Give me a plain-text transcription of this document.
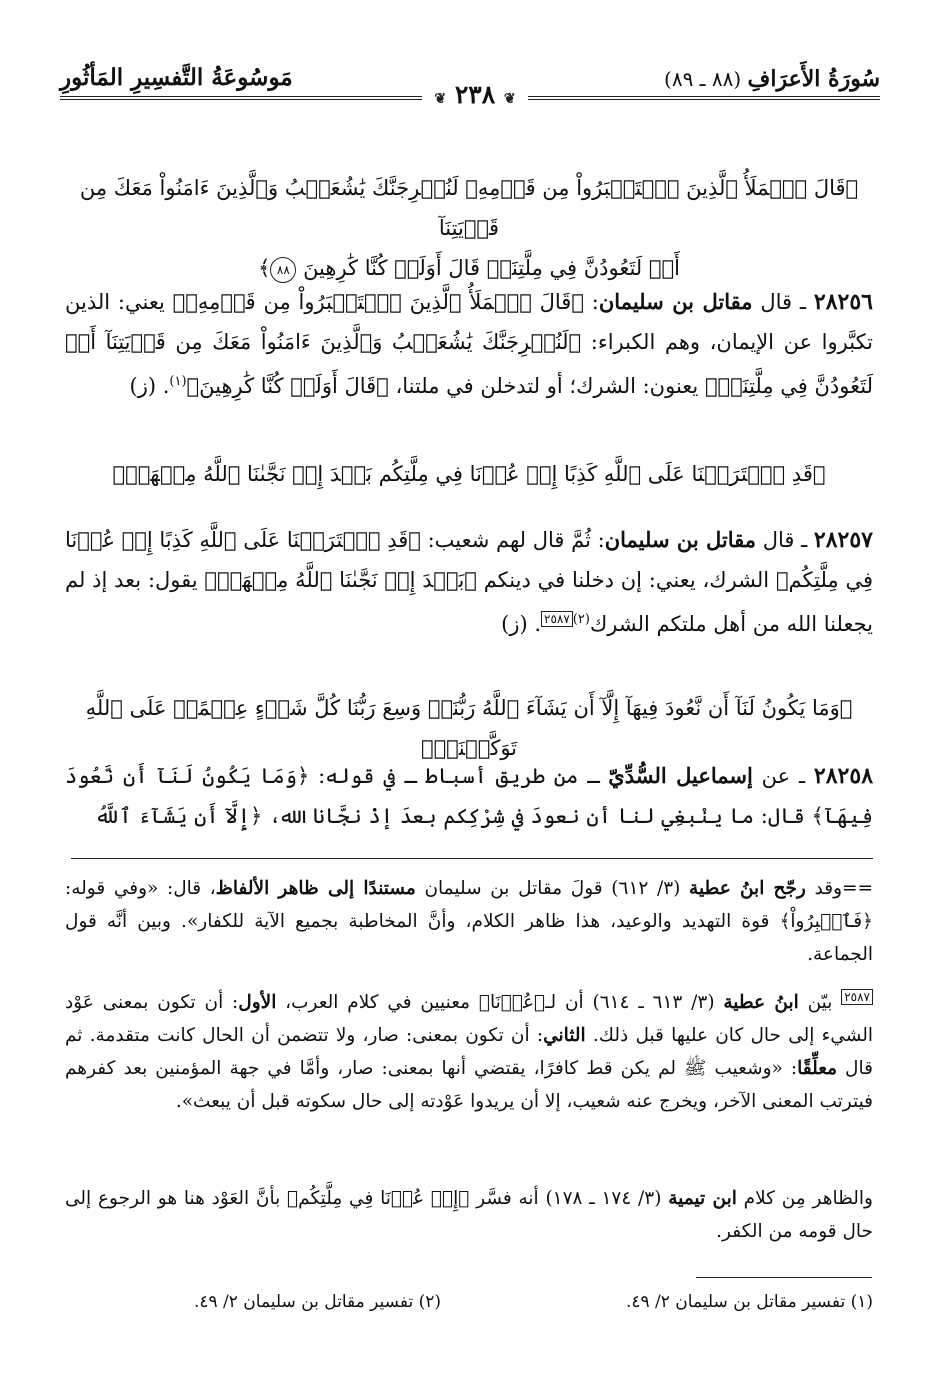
مَوسُوعَةُ التَّفسِيرِ المَأثُورِ
❦ ٢٣٨ ❦
سُورَةُ الأَعرَافِ (٨٨ ـ ٨٩)
﴿قَالَ ٱلۡمَلَأُ ٱلَّذِينَ ٱسۡتَكۡبَرُواْ مِن قَوۡمِهِۦ لَنُخۡرِجَنَّكَ يَٰشُعَيۡبُ وَٱلَّذِينَ ءَامَنُواْ مَعَكَ مِن قَرۡيَتِنَآ
أَوۡ لَتَعُودُنَّ فِي مِلَّتِنَاۚ قَالَ أَوَلَوۡ كُنَّا كَٰرِهِينَ ٨٨﴾
٢٨٢٥٦ ـ قال مقاتل بن سليمان: ﴿قَالَ ٱلۡمَلَأُ ٱلَّذِينَ ٱسۡتَكۡبَرُواْ مِن قَوۡمِهِۦ﴾ يعني: الذين تكبَّروا عن الإيمان، وهم الكبراء: ﴿لَنُخۡرِجَنَّكَ يَٰشُعَيۡبُ وَٱلَّذِينَ ءَامَنُواْ مَعَكَ مِن قَرۡيَتِنَآ أَوۡ لَتَعُودُنَّ فِي مِلَّتِنَاۚ﴾ يعنون: الشرك؛ أو لتدخلن في ملتنا، ﴿قَالَ أَوَلَوۡ كُنَّا كَٰرِهِينَ﴾$^{(١)}$. (ز)
﴿قَدِ ٱفۡتَرَيۡنَا عَلَى ٱللَّهِ كَذِبًا إِنۡ عُدۡنَا فِي مِلَّتِكُم بَعۡدَ إِذۡ نَجَّىٰنَا ٱللَّهُ مِنۡهَاۚ﴾
٢٨٢٥٧ ـ قال مقاتل بن سليمان: ثُمَّ قال لهم شعيب: ﴿قَدِ ٱفۡتَرَيۡنَا عَلَى ٱللَّهِ كَذِبًا إِنۡ عُدۡنَا فِي مِلَّتِكُم﴾ الشرك، يعني: إن دخلنا في دينكم ﴿بَعۡدَ إِذۡ نَجَّىٰنَا ٱللَّهُ مِنۡهَاۚ﴾ يقول: بعد إذ لم يجعلنا الله من أهل ملتكم الشرك$^{(٢)}$٢٥٨٧. (ز)
﴿وَمَا يَكُونُ لَنَآ أَن نَّعُودَ فِيهَآ إِلَّآ أَن يَشَآءَ ٱللَّهُ رَبُّنَاۚ وَسِعَ رَبُّنَا كُلَّ شَيۡءٍ عِلۡمًاۚ عَلَى ٱللَّهِ تَوَكَّلۡنَاۚ﴾
٢٨٢٥٨ ـ عن إسماعيل السُّدِّيّ ـ من طريق أسباط ـ في قوله: ﴿وَمَا يَكُونُ لَنَآ أَن نَّعُودَ فِيهَآ﴾ قال: ما ينْبغِي لنا أن نعودَ في شِرْكِكم بعدَ إذْ نجَّانا الله، ﴿إِلَّآ أَن يَشَآءَ ٱللَّهُ
==وقد رجّح ابنُ عطية (٣/ ٦١٢) قولَ مقاتل بن سليمان مستندًا إلى ظاهر الألفاظ، قال: «وفي قوله: ﴿فَٱصۡبِرُواْ﴾ قوة التهديد والوعيد، هذا ظاهر الكلام، وأنَّ المخاطبة بجميع الآية للكفار». وبين أنَّه قول الجماعة.
٢٥٨٧ بيّن ابنُ عطية (٣/ ٦١٣ ـ ٦١٤) أن لـ﴿عُدۡنَا﴾ معنيين في كلام العرب، الأول: أن تكون بمعنى عَوْد الشيء إلى حال كان عليها قبل ذلك. الثاني: أن تكون بمعنى: صار، ولا تتضمن أن الحال كانت متقدمة. ثم قال معلِّقًا: «وشعيب ﷺ لم يكن قط كافرًا، يقتضي أنها بمعنى: صار، وأمَّا في جهة المؤمنين بعد كفرهم فيترتب المعنى الآخر، ويخرج عنه شعيب، إلا أن يريدوا عَوْدته إلى حال سكوته قبل أن يبعث».
والظاهر مِن كلام ابن تيمية (٣/ ١٧٤ ـ ١٧٨) أنه فسَّر ﴿إِنۡ عُدۡنَا فِي مِلَّتِكُم﴾ بأنَّ العَوْد هنا هو الرجوع إلى حال قومه من الكفر.
(١) تفسير مقاتل بن سليمان ٢/ ٤٩.
(٢) تفسير مقاتل بن سليمان ٢/ ٤٩.
